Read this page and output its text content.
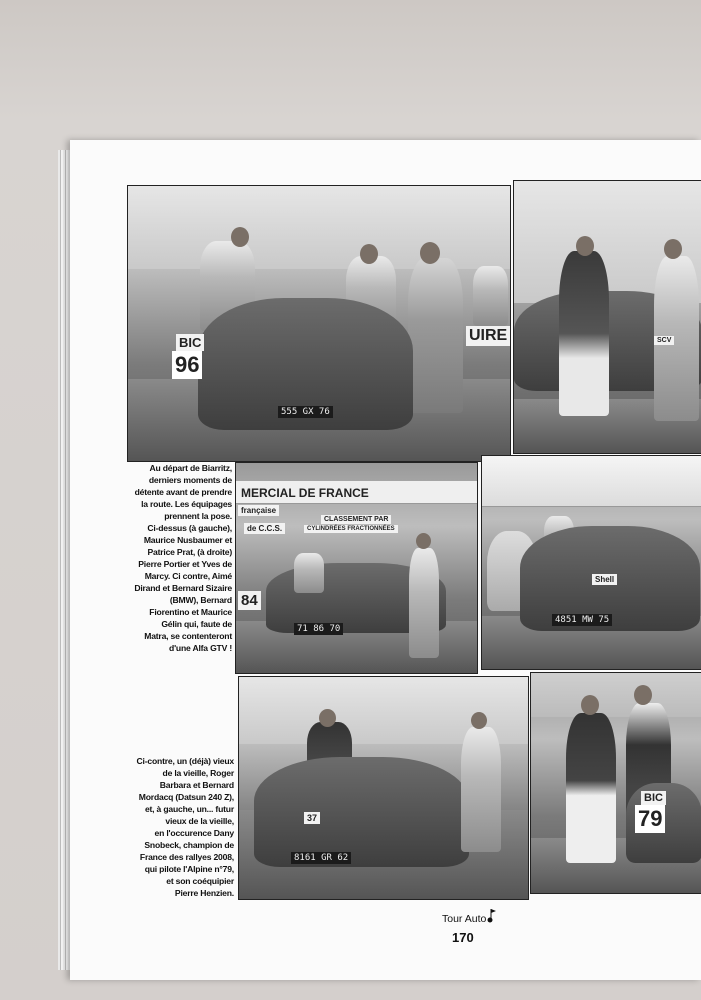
BIC
96
555 GX 76
UIRE	SCV
MERCIAL DE FRANCE
française
de C.C.S.
CLASSEMENT PAR
CYLINDRÉES FRACTIONNÉES
84
71 86 70
Shell
4851 MW 75
Au départ de Biarritz,
derniers moments de
détente avant de prendre
la route. Les équipages
prennent la pose.
Ci-dessus (à gauche),
Maurice Nusbaumer et
Patrice Prat, (à droite)
Pierre Portier et Yves de
Marcy. Ci contre, Aimé
Dirand et Bernard Sizaire
(BMW), Bernard
Fiorentino et Maurice
Gélin qui, faute de
Matra, se contenteront
d'une Alfa GTV !
37
8161 GR 62
BIC
79
Ci-contre, un (déjà) vieux
de la vieille, Roger
Barbara et Bernard
Mordacq (Datsun 240 Z),
et, à gauche, un... futur
vieux de la vieille,
en l'occurence Dany
Snobeck, champion de
France des rallyes 2008,
qui pilote l'Alpine n°79,
et son coéquipier
Pierre Henzien.
Tour Auto
170
